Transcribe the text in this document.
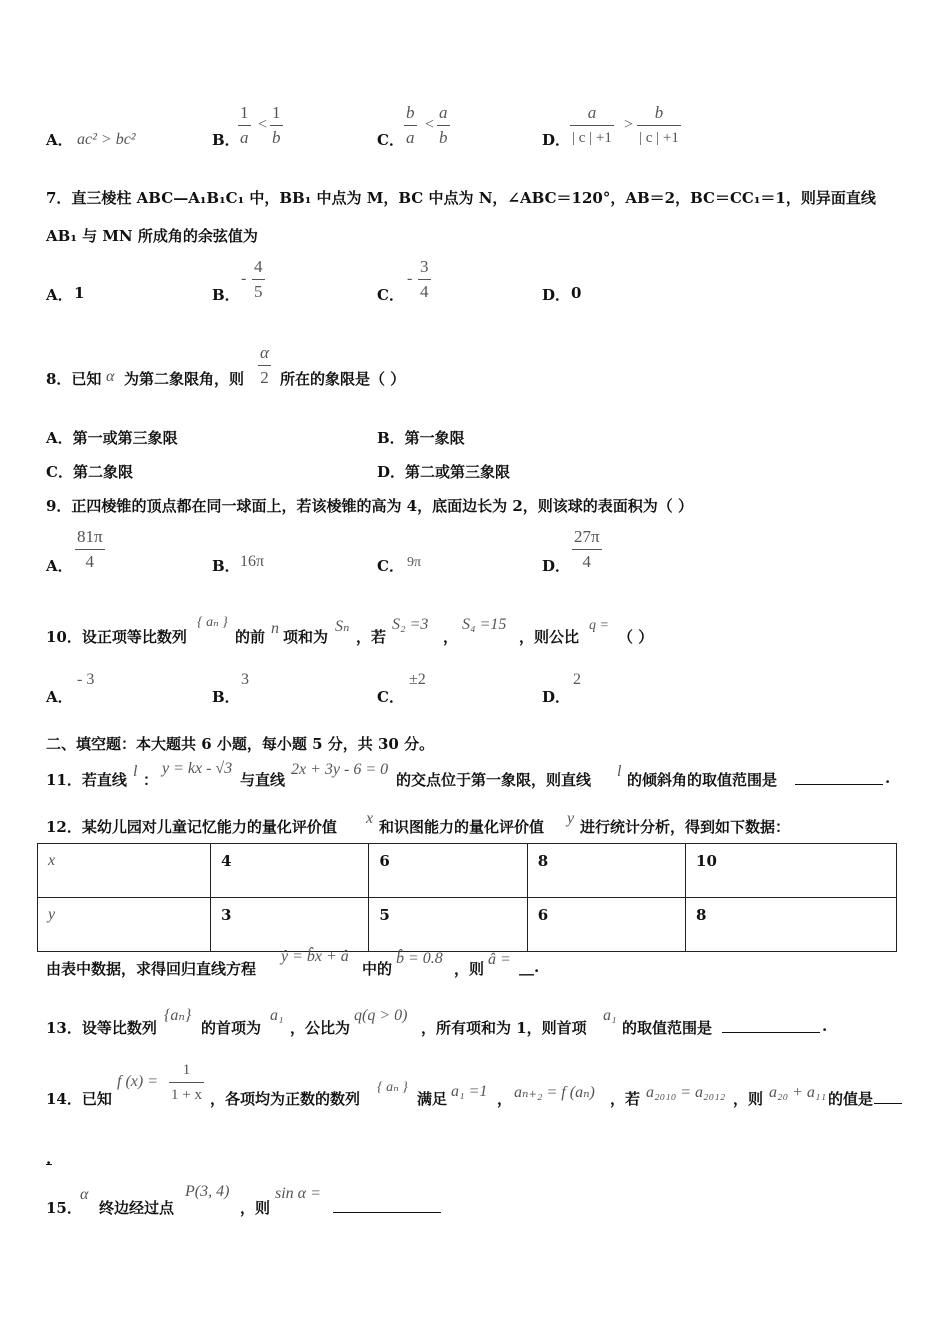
A． ac² > bc²	B．
1
a
<
1
b	C．
b
a
<
a
b	D．
a
| c | +1
>
b
| c | +1
7．直三棱柱 ABC—A₁B₁C₁ 中，BB₁ 中点为 M，BC 中点为 N，∠ABC＝120°，AB＝2，BC＝CC₁＝1，则异面直线
AB₁ 与 MN 所成角的余弦值为
A． 1	B．
-
4
5	C．
-
3
4	D． 0
8．已知 α 为第二象限角，则
α
2 所在的象限是（ ）
A．第一或第三象限	B．第一象限
C．第二象限	D．第二或第三象限
9．正四棱锥的顶点都在同一球面上，若该棱锥的高为 4，底面边长为 2，则该球的表面积为（ ）
A．
81π
4	B． 16π	C． 9π	D．
27π
4
10．设正项等比数列
{ aₙ }
的前 n 项和为
Sₙ
，若
S₂ =3
，
S₄ =15
，则公比
q =
（ ）
A．
- 3
B．
3
C．
±2
D．
2
二、填空题：本大题共 6 小题，每小题 5 分，共 30 分。
11．若直线 l ：
y = kx - √3
与直线
2x + 3y - 6 = 0
的交点位于第一象限，则直线 l 的倾斜角的取值范围是	.
12．某幼儿园对儿童记忆能力的量化评价值 x 和识图能力的量化评价值 y 进行统计分析，得到如下数据：
x	4	6	8	10
y	3	5	6	8
由表中数据，求得回归直线方程
ŷ = b̂x + â
中的
b̂ = 0.8
，则
â = __.
13．设等比数列
{aₙ}
的首项为
a₁
，公比为
q(q > 0)
，所有项和为 1，则首项
a₁
的取值范围是	.
14．已知
f (x) =
1
1 + x ，各项均为正数的数列
{ aₙ }
满足 a₁ =1 ， aₙ₊₂ = f (aₙ) ，若 a₂₀₁₀ = a₂₀₁₂ ，则 a₂₀ + a₁₁ 的值是
.
15．
α
终边经过点
P(3, 4)
，则
sin α =
